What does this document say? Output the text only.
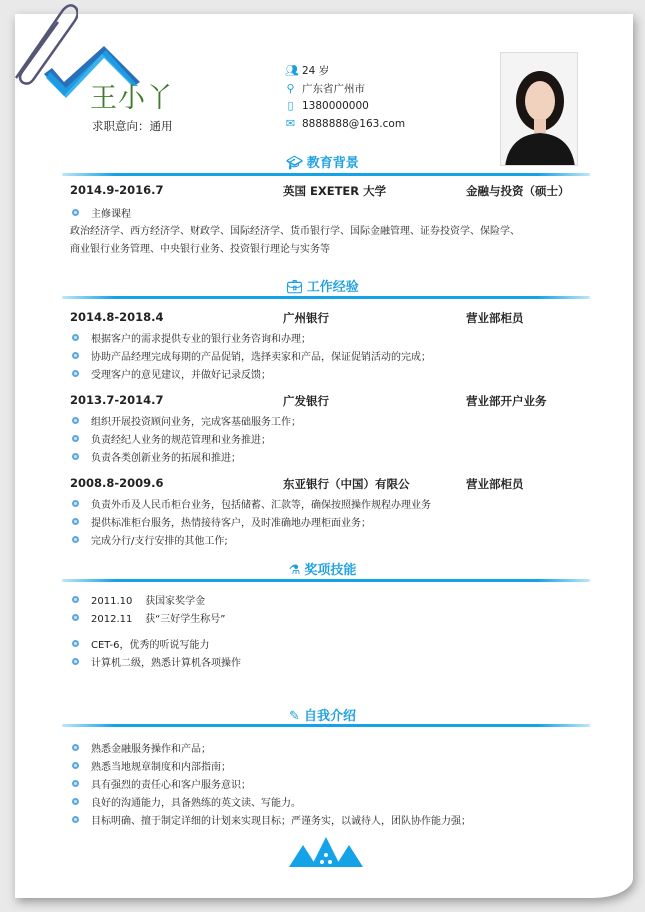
王小丫
求职意向：通用
👥︎ 24 岁
⚲ 广东省广州市
▯ 1380000000
✉ 8888888@163.com
🎓︎ 教育背景
2014.9-2016.7	英国 EXETER 大学	金融与投资（硕士）
主修课程
政治经济学、西方经济学、财政学、国际经济学、货币银行学、国际金融管理、证券投资学、保险学、
商业银行业务管理、中央银行业务、投资银行理论与实务等
💼︎ 工作经验
2014.8-2018.4	广州银行	营业部柜员
根据客户的需求提供专业的银行业务咨询和办理；
协助产品经理完成每期的产品促销，选择卖家和产品，保证促销活动的完成；
受理客户的意见建议，并做好记录反馈；
2013.7-2014.7	广发银行	营业部开户业务
组织开展投资顾问业务，完成客基础服务工作；
负责经纪人业务的规范管理和业务推进；
负责各类创新业务的拓展和推进；
2008.8-2009.6	东亚银行（中国）有限公	营业部柜员
负责外币及人民币柜台业务，包括储蓄、汇款等，确保按照操作规程办理业务
提供标准柜台服务，热情接待客户，及时准确地办理柜面业务；
完成分行/支行安排的其他工作;
⚗ 奖项技能
2011.10    获国家奖学金
2012.11    获“三好学生称号”
CET-6，优秀的听说写能力
计算机二级，熟悉计算机各项操作
✎ 自我介绍
熟悉金融服务操作和产品；
熟悉当地规章制度和内部指南；
具有强烈的责任心和客户服务意识；
良好的沟通能力，具备熟练的英文读、写能力。
目标明确、擅于制定详细的计划来实现目标；严谨务实，以诚待人，团队协作能力强；
